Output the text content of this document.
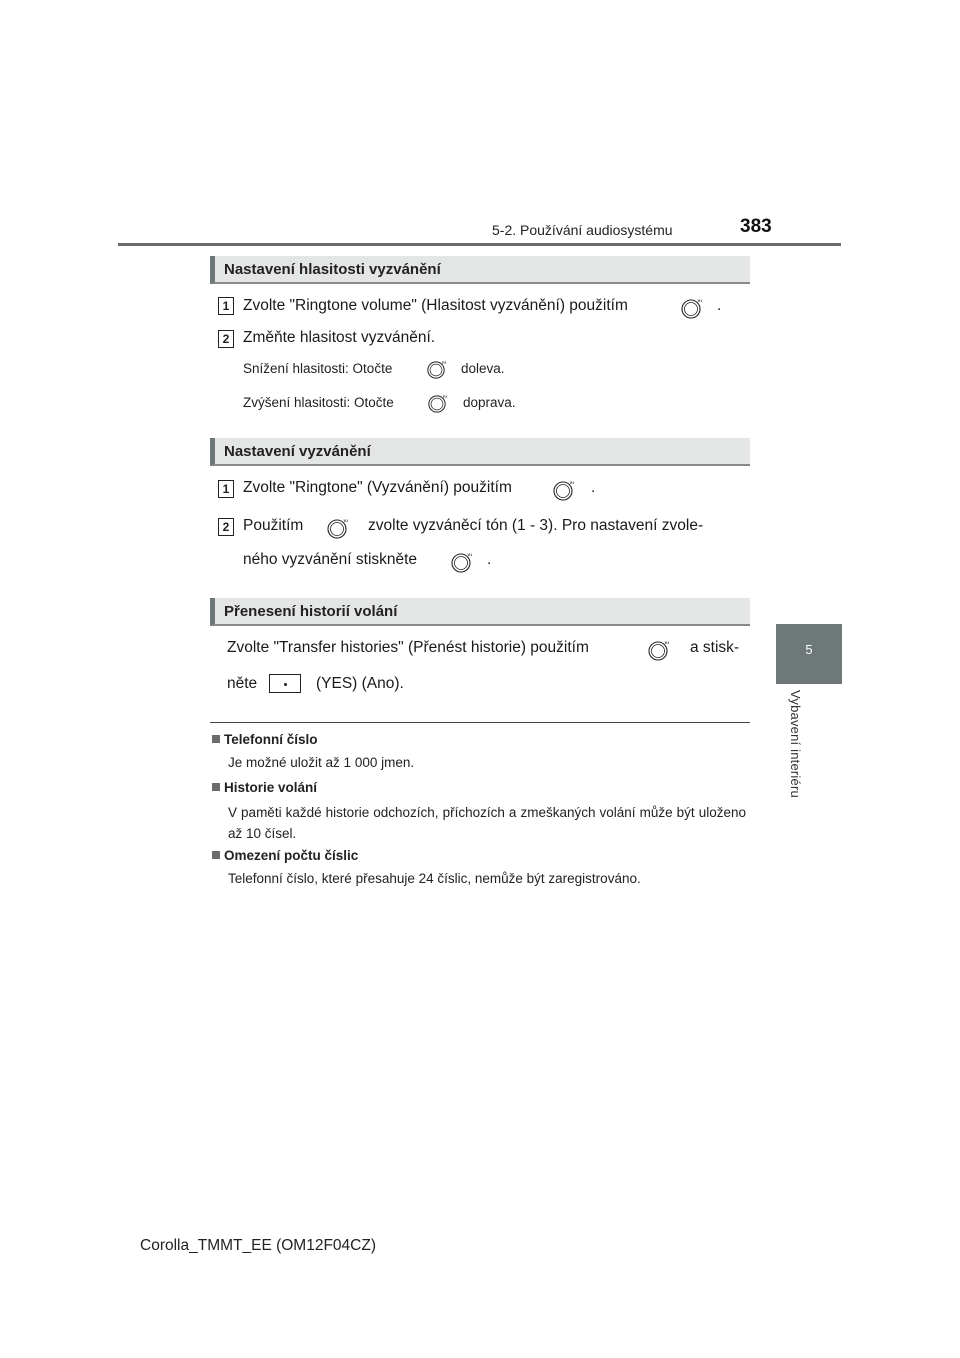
5-2. Používání audiosystému	383
5
Vybavení interiéru
Nastavení hlasitosti vyzvánění
1 Zvolte "Ringtone volume" (Hlasitost vyzvánění) použitím	.
2 Změňte hlasitost vyzvánění.
Snížení hlasitosti: Otočte	doleva.
Zvýšení hlasitosti: Otočte	doprava.
Nastavení vyzvánění
1 Zvolte "Ringtone" (Vyzvánění) použitím	.
2 Použitím	zvolte vyzváněcí tón (1 - 3). Pro nastavení zvole-
ného vyzvánění stiskněte	.
Přenesení historií volání
Zvolte "Transfer histories" (Přenést historie) použitím	a stisk-
něte	(YES) (Ano).
Telefonní číslo
Je možné uložit až 1 000 jmen.
Historie volání
V paměti každé historie odchozích, příchozích a zmeškaných volání může být uloženo až 10 čísel.
Omezení počtu číslic
Telefonní číslo, které přesahuje 24 číslic, nemůže být zaregistrováno.
Corolla_TMMT_EE (OM12F04CZ)
